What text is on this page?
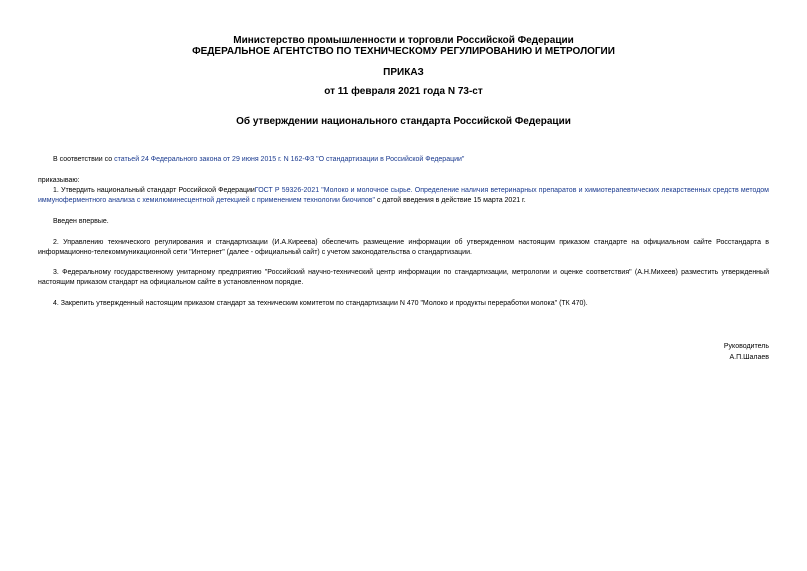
Министерство промышленности и торговли Российской Федерации
ФЕДЕРАЛЬНОЕ АГЕНТСТВО ПО ТЕХНИЧЕСКОМУ РЕГУЛИРОВАНИЮ И МЕТРОЛОГИИ
ПРИКАЗ
от 11 февраля 2021 года N 73-ст
Об утверждении национального стандарта Российской Федерации
В соответствии со статьей 24 Федерального закона от 29 июня 2015 г. N 162-ФЗ "О стандартизации в Российской Федерации"
приказываю:
1. Утвердить национальный стандарт Российской ФедерацииГОСТ Р 59326-2021 "Молоко и молочное сырье. Определение наличия ветеринарных препаратов и химиотерапевтических лекарственных средств методом иммуноферментного анализа с хемилюминесцентной детекцией с применением технологии биочипов" с датой введения в действие 15 марта 2021 г.
Введен впервые.
2. Управлению технического регулирования и стандартизации (И.А.Киреева) обеспечить размещение информации об утвержденном настоящим приказом стандарте на официальном сайте Росстандарта в информационно-телекоммуникационной сети "Интернет" (далее - официальный сайт) с учетом законодательства о стандартизации.
3. Федеральному государственному унитарному предприятию "Российский научно-технический центр информации по стандартизации, метрологии и оценке соответствия" (А.Н.Михеев) разместить утвержденный настоящим приказом стандарт на официальном сайте в установленном порядке.
4. Закрепить утвержденный настоящим приказом стандарт за техническим комитетом по стандартизации N 470 "Молоко и продукты переработки молока" (ТК 470).
Руководитель
А.П.Шалаев
